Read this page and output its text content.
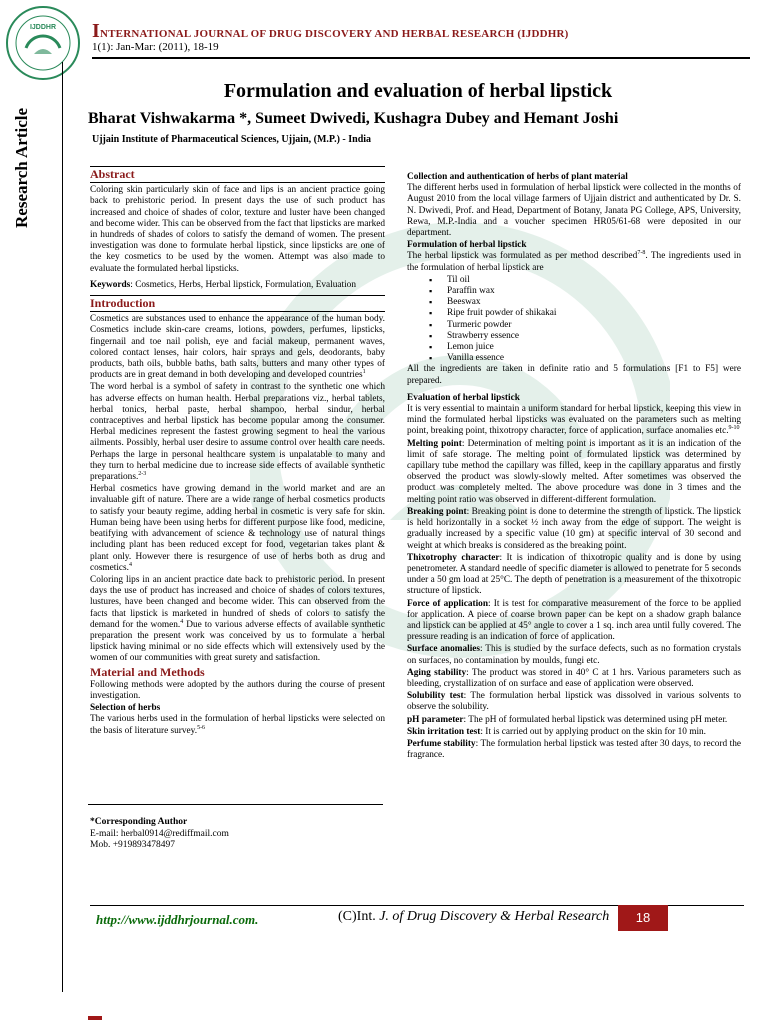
IJDDHR INTERNATIONAL JOURNAL OF DRUG DISCOVERY AND HERBAL RESEARCH (IJDDHR)
1(1): Jan-Mar: (2011), 18-19
Research Article
Formulation and evaluation of herbal lipstick
Bharat Vishwakarma *, Sumeet Dwivedi, Kushagra Dubey and Hemant Joshi
Ujjain Institute of Pharmaceutical Sciences, Ujjain, (M.P.) - India
Abstract

Coloring skin particularly skin of face and lips is an ancient practice going back to prehistoric period. In present days the use of such product has increased and choice of shades of color, texture and luster have been changed and become wider. This can be observed from the fact that lipsticks are marked in hundreds of shades of colors to satisfy the demand of women. The present investigation was done to formulate herbal lipstick, since lipsticks are one of the key cosmetics to be used by the women. Attempt was also made to evaluate the formulated herbal lipsticks.

Keywords: Cosmetics, Herbs, Herbal lipstick, Formulation, Evaluation

Introduction

Cosmetics are substances used to enhance the appearance of the human body. Cosmetics include skin-care creams, lotions, powders, perfumes, lipsticks, fingernail and toe nail polish, eye and facial makeup, permanent waves, colored contact lenses, hair colors, hair sprays and gels, deodorants, baby products, bath oils, bubble baths, bath salts, butters and many other types of products are in great demand in both developing and developed countries$^1$

The word herbal is a symbol of safety in contrast to the synthetic one which has adverse effects on human health. Herbal preparations viz., herbal tablets, herbal tonics, herbal paste, herbal shampoo, herbal sindur, herbal contraceptives and herbal lipstick has become popular among the consumer. Herbal medicines represent the fastest growing segment to heal the various ailments. Possibly, herbal user desire to assume control over health care needs. Perhaps the large in personal healthcare system is unpalatable to many and they turn to herbal medicine due to increase side effects of available synthetic preparations.$^{2-3}$

Herbal cosmetics have growing demand in the world market and are an invaluable gift of nature. There are a wide range of herbal cosmetics products to satisfy your beauty regime, adding herbal in cosmetic is very safe for skin. Human being have been using herbs for different purpose like food, medicine, beatifying with advancement of science & technology use of natural things including plant has been reduced except for food, vegetarian takes plant & plant only. However there is resurgence of use of herbs both as drug and cosmetics.$^4$

Coloring lips in an ancient practice date back to prehistoric period. In present days the use of product has increased and choice of shades of colors textures, lustures, have been changed and become wider. This can observed from the facts that lipstick is marketed in hundred of sheds of colors to satisfy the demand for the women.$^4$ Due to various adverse effects of available synthetic preparation the present work was conceived by us to formulate a herbal lipstick having minimal or no side effects which will extensively used by the women of our communities with great surety and satisfaction.

Material and Methods

Following methods were adopted by the authors during the course of present investigation.

Selection of herbs

The various herbs used in the formulation of herbal lipsticks were selected on the basis of literature survey.$^{5-6}$

*Corresponding Author
E-mail: herbal0914@rediffmail.com
Mob. +919893478497
Collection and authentication of herbs of plant material

The different herbs used in formulation of herbal lipstick were collected in the months of August 2010 from the local village farmers of Ujjain district and authenticated by Dr. S. N. Dwivedi, Prof. and Head, Department of Botany, Janata PG College, APS, University, Rewa, M.P.-India and a voucher specimen HR05/61-68 were deposited in our department.

Formulation of herbal lipstick

The herbal lipstick was formulated as per method described$^{7-8}$. The ingredients used in the formulation of herbal lipstick are

▪ Til oil
▪ Paraffin wax
▪ Beeswax
▪ Ripe fruit powder of shikakai
▪ Turmeric powder
▪ Strawberry essence
▪ Lemon juice
▪ Vanilla essence

All the ingredients are taken in definite ratio and 5 formulations [F1 to F5] were prepared.

Evaluation of herbal lipstick

It is very essential to maintain a uniform standard for herbal lipstick, keeping this view in mind the formulated herbal lipsticks was evaluated on the parameters such as melting point, breaking point, thixotropy character, force of application, surface anomalies etc.$^{9-10}$

Melting point: Determination of melting point is important as it is an indication of the limit of safe storage. The melting point of formulated lipstick was determined by capillary tube method the capillary was filled, keep in the capillary apparatus and firstly observed the product was slowly-slowly melted. After sometimes was observed the product was completely melted. The above procedure was done in 3 times and the melting point ratio was observed in different-different formulation.

Breaking point: Breaking point is done to determine the strength of lipstick. The lipstick is held horizontally in a socket ½ inch away from the edge of support. The weight is gradually increased by a specific value (10 gm) at specific interval of 30 second and weight at which breaks is considered as the breaking point.

Thixotrophy character: It is indication of thixotropic quality and is done by using penetrometer. A standard needle of specific diameter is allowed to penetrate for 5 seconds under a 50 gm load at 25°C. The depth of penetration is a measurement of the thixotropic structure of lipstick.

Force of application: It is test for comparative measurement of the force to be applied for application. A piece of coarse brown paper can be kept on a shadow graph balance and lipstick can be applied at 45° angle to cover a 1 sq. inch area until fully covered. The pressure reading is an indication of force of application.

Surface anomalies: This is studied by the surface defects, such as no formation crystals on surfaces, no contamination by moulds, fungi etc.

Aging stability: The product was stored in 40° C at 1 hrs. Various parameters such as bleeding, crystallization of on surface and ease of application were observed.

Solubility test: The formulation herbal lipstick was dissolved in various solvents to observe the solubility.

pH parameter: The pH of formulated herbal lipstick was determined using pH meter.

Skin irritation test: It is carried out by applying product on the skin for 10 min.

Perfume stability: The formulation herbal lipstick was tested after 30 days, to record the fragrance.

http://www.ijddhrjournal.com.	(C)Int. J. of Drug Discovery & Herbal Research	18
